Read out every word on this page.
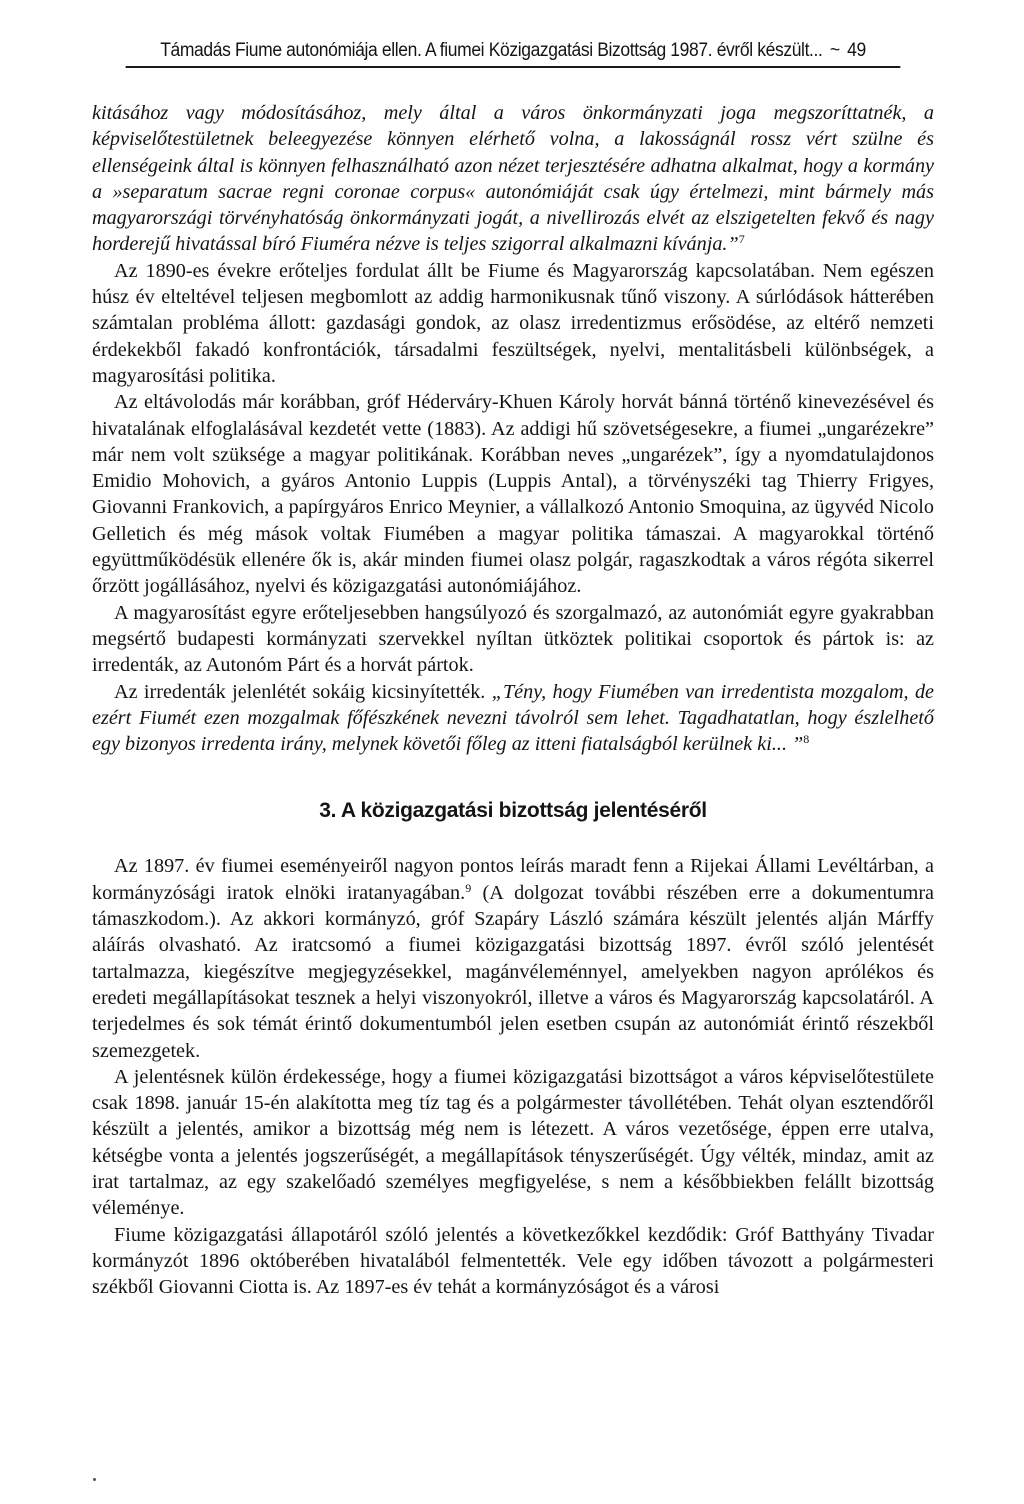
Támadás Fiume autonómiája ellen. A fiumei Közigazgatási Bizottság 1987. évről készült... ~ 49

kitásához vagy módosításához, mely által a város önkormányzati joga megszoríttatnék, a képviselőtestületnek beleegyezése könnyen elérhető volna, a lakosságnál rossz vért szülne és ellenségeink által is könnyen felhasználható azon nézet terjesztésére adhatna alkalmat, hogy a kormány a »separatum sacrae regni coronae corpus« autonómiáját csak úgy értelmezi, mint bármely más magyarországi törvényhatóság önkormányzati jogát, a nivellirozás elvét az elszigetelten fekvő és nagy horderejű hivatással bíró Fiuméra nézve is teljes szigorral alkalmazni kívánja.”$^7$

Az 1890-es évekre erőteljes fordulat állt be Fiume és Magyarország kapcsolatában. Nem egészen húsz év elteltével teljesen megbomlott az addig harmonikusnak tűnő viszony. A súrlódások hátterében számtalan probléma állott: gazdasági gondok, az olasz irredentizmus erősödése, az eltérő nemzeti érdekekből fakadó konfrontációk, társadalmi feszültségek, nyelvi, mentalitásbeli különbségek, a magyarosítási politika.

Az eltávolodás már korábban, gróf Héderváry-Khuen Károly horvát bánná történő kinevezésével és hivatalának elfoglalásával kezdetét vette (1883). Az addigi hű szövetségesekre, a fiumei „ungarézekre” már nem volt szüksége a magyar politikának. Korábban neves „ungarézek”, így a nyomdatulajdonos Emidio Mohovich, a gyáros Antonio Luppis (Luppis Antal), a törvényszéki tag Thierry Frigyes, Giovanni Frankovich, a papírgyáros Enrico Meynier, a vállalkozó Antonio Smoquina, az ügyvéd Nicolo Gelletich és még mások voltak Fiumében a magyar politika támaszai. A magyarokkal történő együttműködésük ellenére ők is, akár minden fiumei olasz polgár, ragaszkodtak a város régóta sikerrel őrzött jogállásához, nyelvi és közigazgatási autonómiájához.

A magyarosítást egyre erőteljesebben hangsúlyozó és szorgalmazó, az autonómiát egyre gyakrabban megsértő budapesti kormányzati szervekkel nyíltan ütköztek politikai csoportok és pártok is: az irredenták, az Autonóm Párt és a horvát pártok.

Az irredenták jelenlétét sokáig kicsinyítették. „Tény, hogy Fiumében van irredentista mozgalom, de ezért Fiumét ezen mozgalmak főfészkének nevezni távolról sem lehet. Tagadhatatlan, hogy észlelhető egy bizonyos irredenta irány, melynek követői főleg az itteni fiatalságból kerülnek ki... ”$^8$

3. A közigazgatási bizottság jelentéséről

Az 1897. év fiumei eseményeiről nagyon pontos leírás maradt fenn a Rijekai Állami Levéltárban, a kormányzósági iratok elnöki iratanyagában.$^9$ (A dolgozat további részében erre a dokumentumra támaszkodom.). Az akkori kormányzó, gróf Szapáry László számára készült jelentés alján Márffy aláírás olvasható. Az iratcsomó a fiumei közigazgatási bizottság 1897. évről szóló jelentését tartalmazza, kiegészítve megjegyzésekkel, magánvéleménnyel, amelyekben nagyon aprólékos és eredeti megállapításokat tesznek a helyi viszonyokról, illetve a város és Magyarország kapcsolatáról. A terjedelmes és sok témát érintő dokumentumból jelen esetben csupán az autonómiát érintő részekből szemezgetek.

A jelentésnek külön érdekessége, hogy a fiumei közigazgatási bizottságot a város képviselőtestülete csak 1898. január 15-én alakította meg tíz tag és a polgármester távollétében. Tehát olyan esztendőről készült a jelentés, amikor a bizottság még nem is létezett. A város vezetősége, éppen erre utalva, kétségbe vonta a jelentés jogszerűségét, a megállapítások tényszerűségét. Úgy vélték, mindaz, amit az irat tartalmaz, az egy szakelőadó személyes megfigyelése, s nem a későbbiekben felállt bizottság véleménye.

Fiume közigazgatási állapotáról szóló jelentés a következőkkel kezdődik: Gróf Batthyány Tivadar kormányzót 1896 októberében hivatalából felmentették. Vele egy időben távozott a polgármesteri székből Giovanni Ciotta is. Az 1897-es év tehát a kormányzóságot és a városi
